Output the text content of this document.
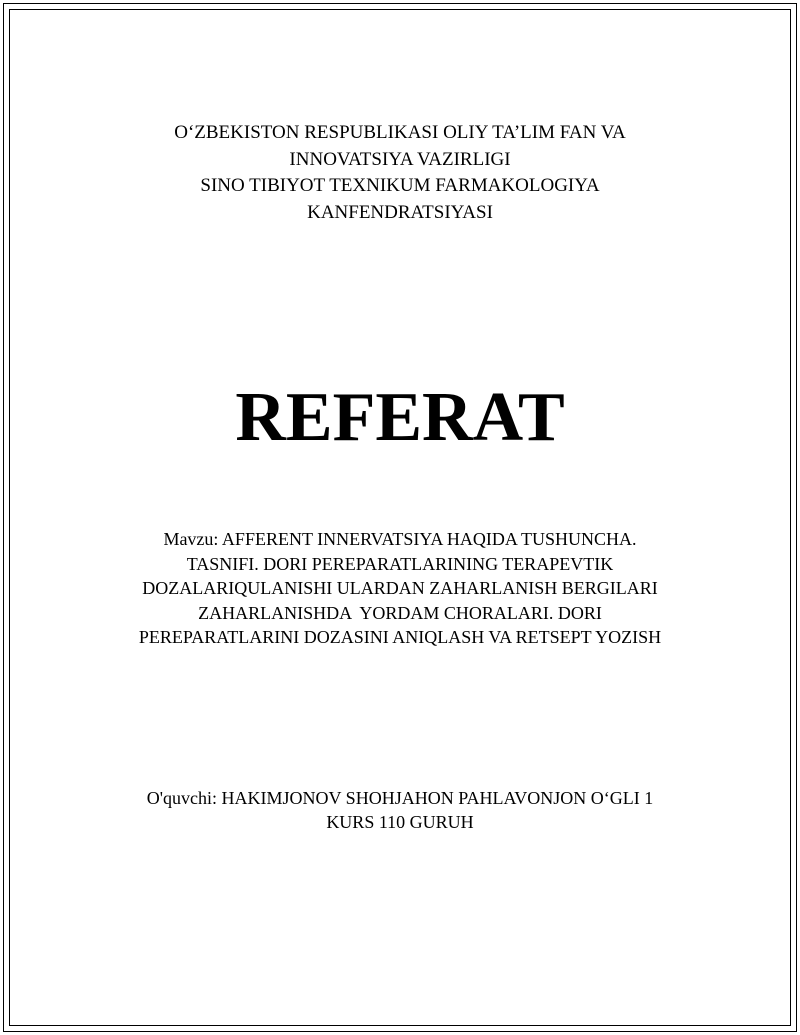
O‘ZBEKISTON RESPUBLIKASI OLIY TA’LIM FAN VA
INNOVATSIYA VAZIRLIGI
SINO TIBIYOT TEXNIKUM FARMAKOLOGIYA
KANFENDRATSIYASI
REFERAT
Mavzu: AFFERENT INNERVATSIYA HAQIDA TUSHUNCHA.
TASNIFI. DORI PEREPARATLARINING TERAPEVTIK
DOZALARIQULANISHI ULARDAN ZAHARLANISH BERGILARI
ZAHARLANISHDA  YORDAM CHORALARI. DORI
PEREPARATLARINI DOZASINI ANIQLASH VA RETSEPT YOZISH
O'quvchi: HAKIMJONOV SHOHJAHON PAHLAVONJON O‘GLI 1
KURS 110 GURUH
